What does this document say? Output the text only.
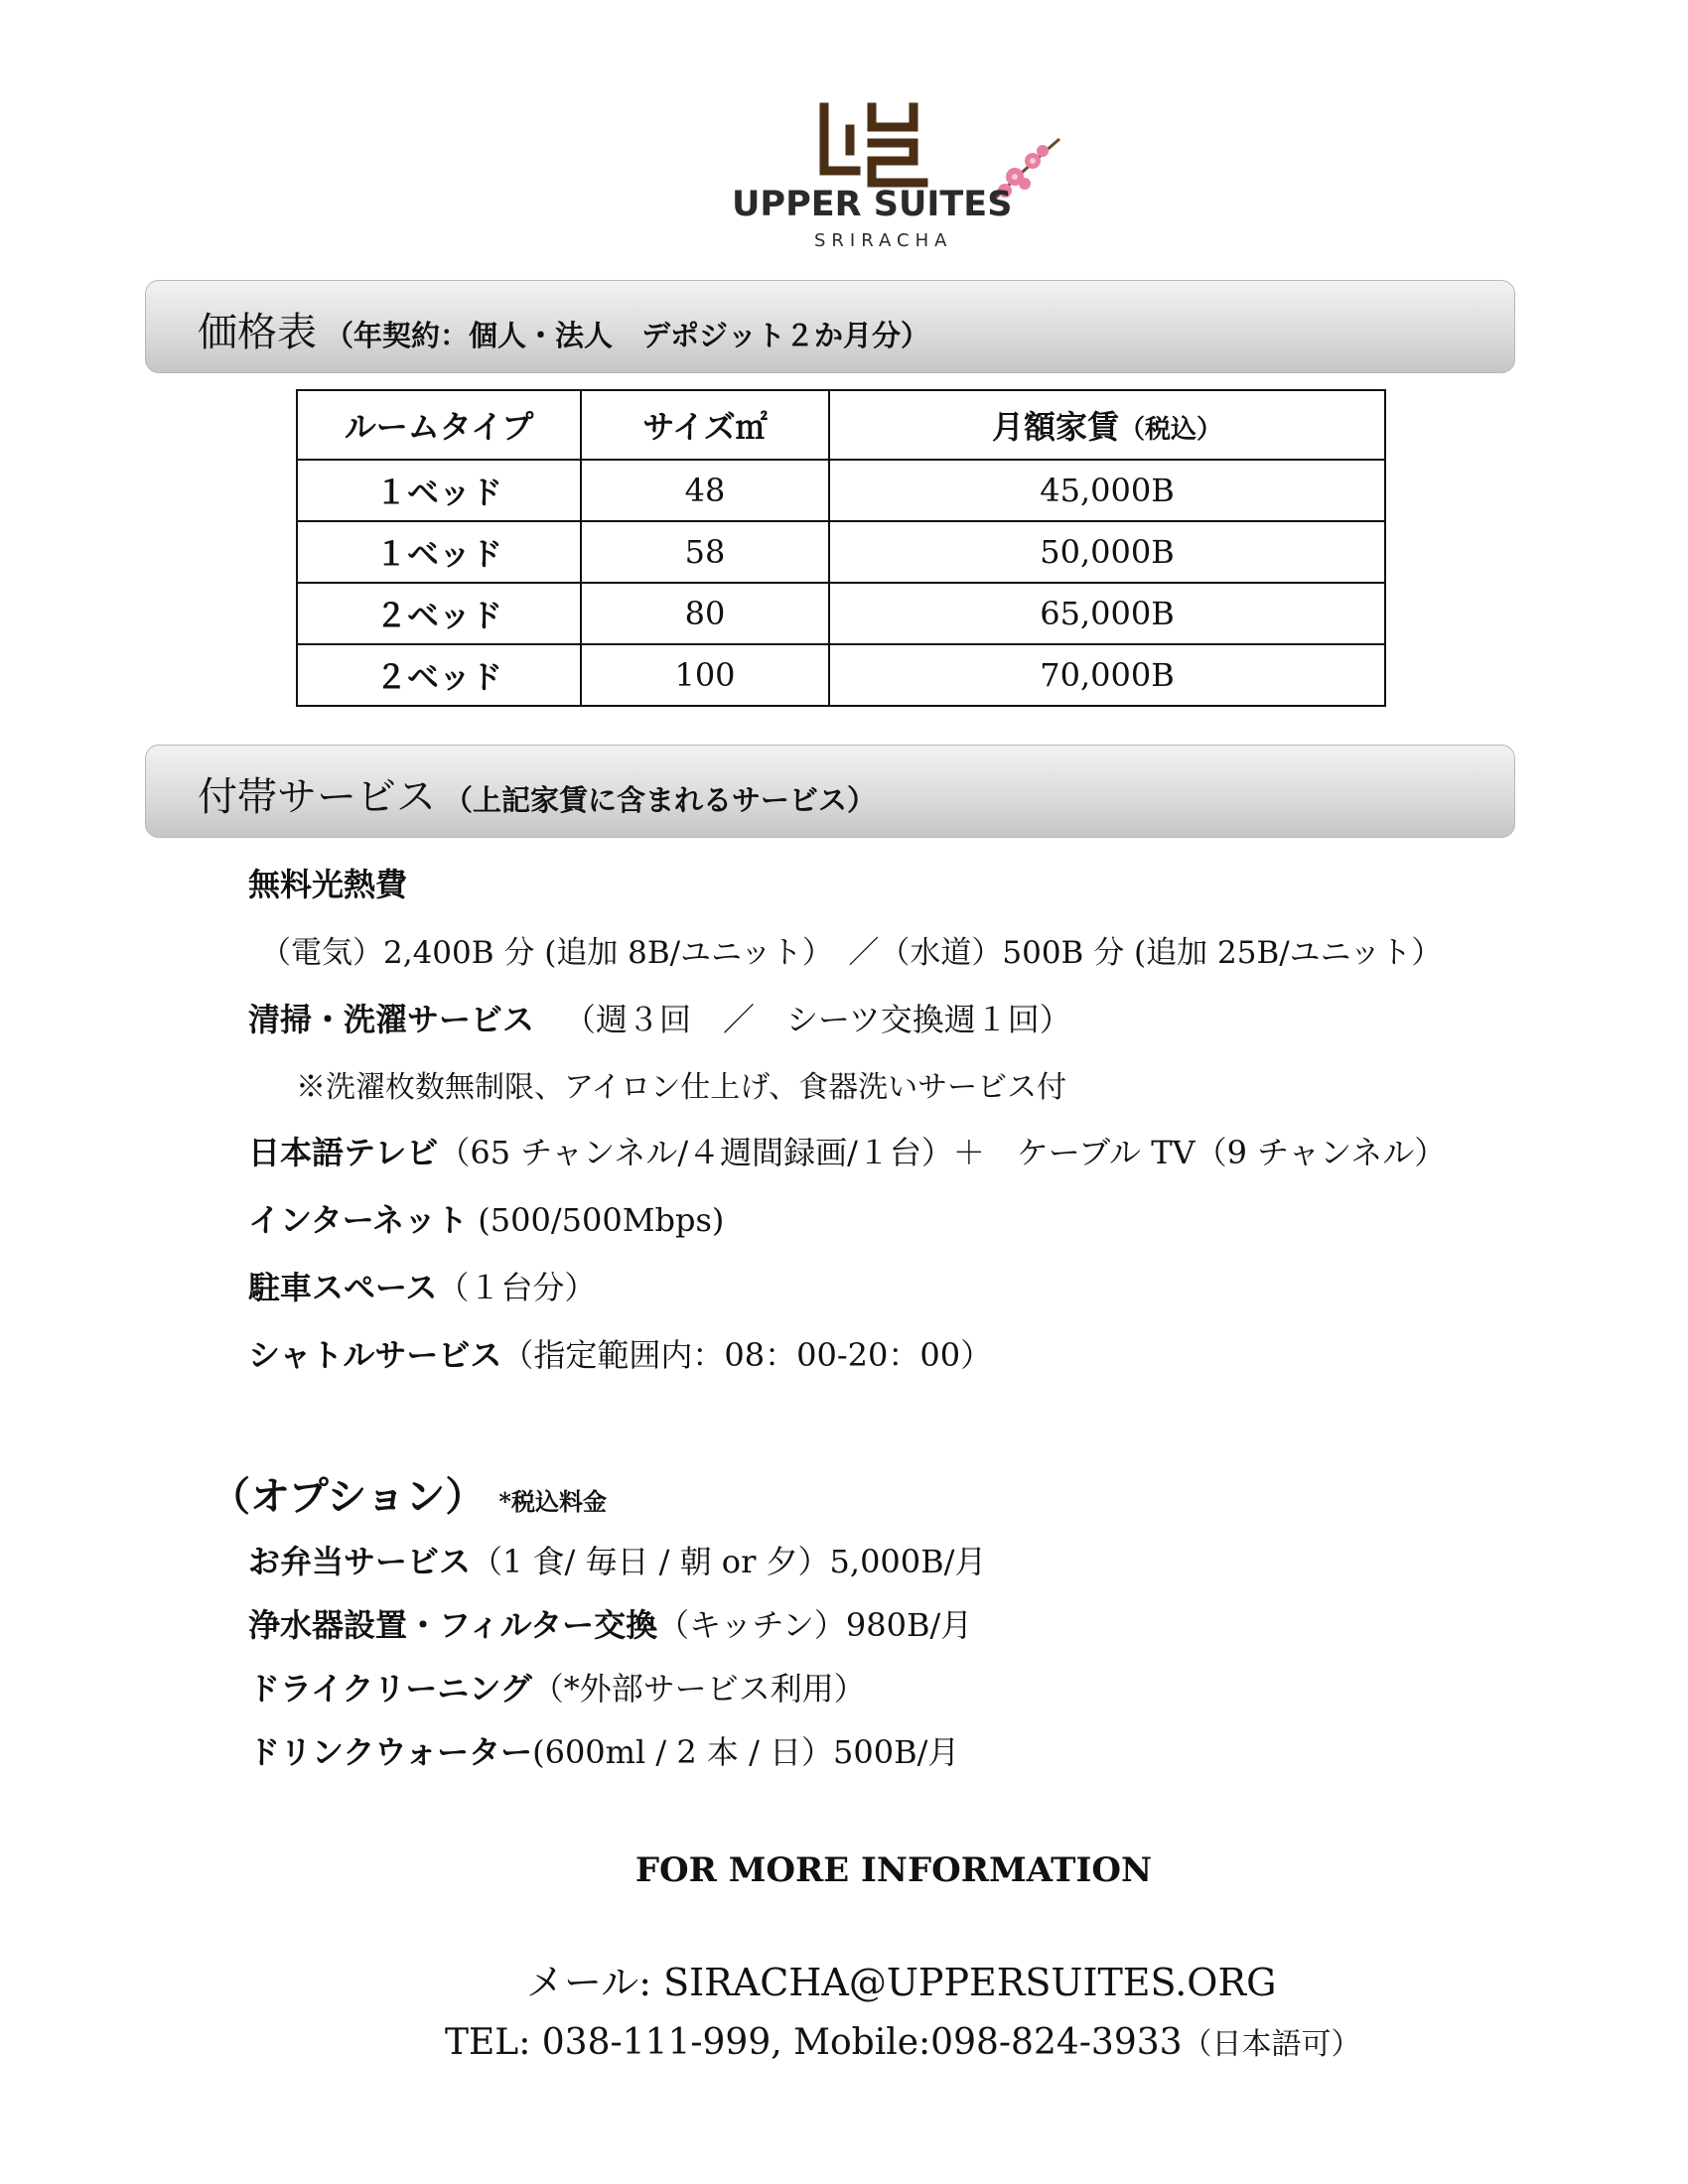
UPPER SUITES
SRIRACHA
価格表 （年契約：個人・法人　デポジット２か月分）
ルームタイプ	サイズ㎡	月額家賃（税込）
１ベッド	48	45,000B
１ベッド	58	50,000B
２ベッド	80	65,000B
２ベッド	100	70,000B
付帯サービス （上記家賃に含まれるサービス）
無料光熱費
（電気）2,400B 分 (追加 8B/ユニット）　／（水道）500B 分 (追加 25B/ユニット）
清掃・洗濯サービス （週３回　／　シーツ交換週１回）
※洗濯枚数無制限、アイロン仕上げ、食器洗いサービス付
日本語テレビ（65 チャンネル/４週間録画/１台）＋　ケーブル TV（9 チャンネル）
インターネット (500/500Mbps)
駐車スペース（１台分）
シャトルサービス（指定範囲内：08：00-20：00）
（オプション） *税込料金
お弁当サービス（1 食/ 毎日 / 朝 or 夕）5,000B/月
浄水器設置・フィルター交換（キッチン）980B/月
ドライクリーニング（*外部サービス利用）
ドリンクウォーター(600ml / 2 本 / 日）500B/月
FOR MORE INFORMATION
メール: SIRACHA@UPPERSUITES.ORG
TEL: 038-111-999, Mobile:098-824-3933（日本語可）
